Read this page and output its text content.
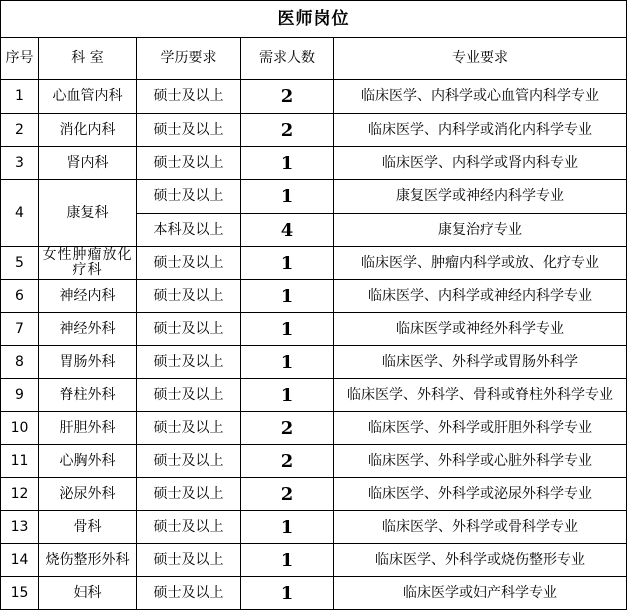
医师岗位				
序号	科 室	学历要求	需求人数	专业要求
1	心血管内科	硕士及以上	2	临床医学、内科学或心血管内科学专业
2	消化内科	硕士及以上	2	临床医学、内科学或消化内科学专业
3	肾内科	硕士及以上	1	临床医学、内科学或肾内科专业
4	康复科	硕士及以上	1	康复医学或神经内科学专业
		本科及以上	4	康复治疗专业
5	女性肿瘤放化疗科	硕士及以上	1	临床医学、肿瘤内科学或放、化疗专业
6	神经内科	硕士及以上	1	临床医学、内科学或神经内科学专业
7	神经外科	硕士及以上	1	临床医学或神经外科学专业
8	胃肠外科	硕士及以上	1	临床医学、外科学或胃肠外科学
9	脊柱外科	硕士及以上	1	临床医学、外科学、骨科或脊柱外科学专业
10	肝胆外科	硕士及以上	2	临床医学、外科学或肝胆外科学专业
11	心胸外科	硕士及以上	2	临床医学、外科学或心脏外科学专业
12	泌尿外科	硕士及以上	2	临床医学、外科学或泌尿外科学专业
13	骨科	硕士及以上	1	临床医学、外科学或骨科学专业
14	烧伤整形外科	硕士及以上	1	临床医学、外科学或烧伤整形专业
15	妇科	硕士及以上	1	临床医学或妇产科学专业
